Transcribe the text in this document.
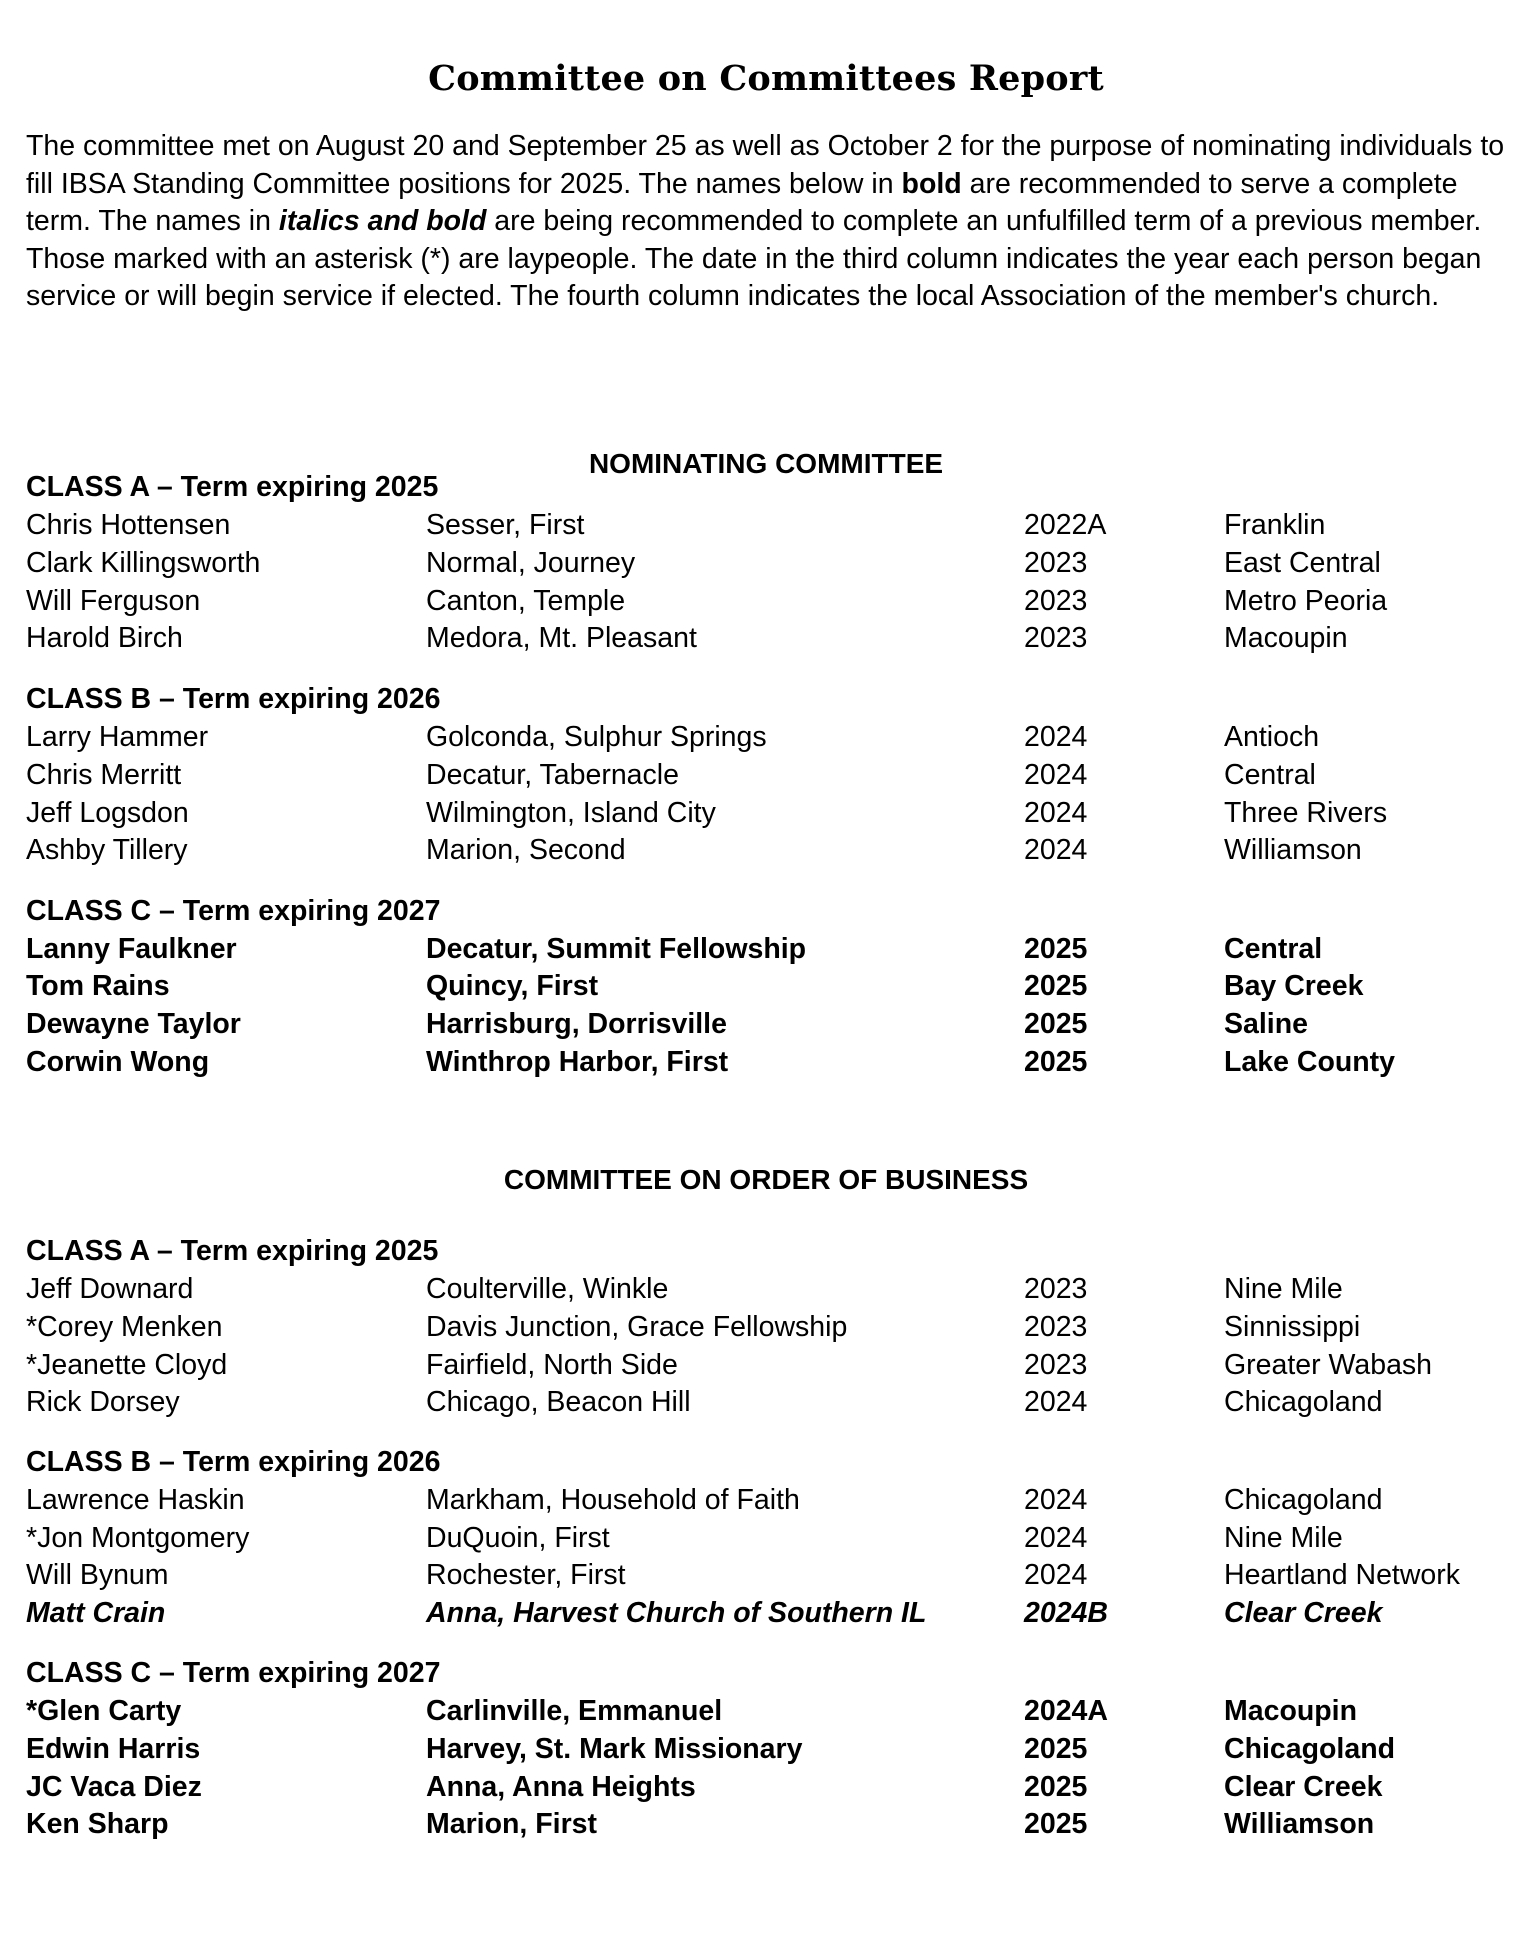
Committee on Committees Report

The committee met on August 20 and September 25 as well as October 2 for the purpose of nominating individuals to fill IBSA Standing Committee positions for 2025. The names below in bold are recommended to serve a complete term. The names in italics and bold are being recommended to complete an unfulfilled term of a previous member. Those marked with an asterisk (*) are laypeople. The date in the third column indicates the year each person began service or will begin service if elected. The fourth column indicates the local Association of the member's church.

NOMINATING COMMITTEE
CLASS A – Term expiring 2025
Chris Hottensen	Sesser, First	2022A	Franklin
Clark Killingsworth	Normal, Journey	2023	East Central
Will Ferguson	Canton, Temple	2023	Metro Peoria
Harold Birch	Medora, Mt. Pleasant	2023	Macoupin
CLASS B – Term expiring 2026
Larry Hammer	Golconda, Sulphur Springs	2024	Antioch
Chris Merritt	Decatur, Tabernacle	2024	Central
Jeff Logsdon	Wilmington, Island City	2024	Three Rivers
Ashby Tillery	Marion, Second	2024	Williamson
CLASS C – Term expiring 2027
Lanny Faulkner	Decatur, Summit Fellowship	2025	Central
Tom Rains	Quincy, First	2025	Bay Creek
Dewayne Taylor	Harrisburg, Dorrisville	2025	Saline
Corwin Wong	Winthrop Harbor, First	2025	Lake County
COMMITTEE ON ORDER OF BUSINESS
CLASS A – Term expiring 2025
Jeff Downard	Coulterville, Winkle	2023	Nine Mile
*Corey Menken	Davis Junction, Grace Fellowship	2023	Sinnissippi
*Jeanette Cloyd	Fairfield, North Side	2023	Greater Wabash
Rick Dorsey	Chicago, Beacon Hill	2024	Chicagoland
CLASS B – Term expiring 2026
Lawrence Haskin	Markham, Household of Faith	2024	Chicagoland
*Jon Montgomery	DuQuoin, First	2024	Nine Mile
Will Bynum	Rochester, First	2024	Heartland Network
Matt Crain	Anna, Harvest Church of Southern IL	2024B	Clear Creek
CLASS C – Term expiring 2027
*Glen Carty	Carlinville, Emmanuel	2024A	Macoupin
Edwin Harris	Harvey, St. Mark Missionary	2025	Chicagoland
JC Vaca Diez	Anna, Anna Heights	2025	Clear Creek
Ken Sharp	Marion, First	2025	Williamson
